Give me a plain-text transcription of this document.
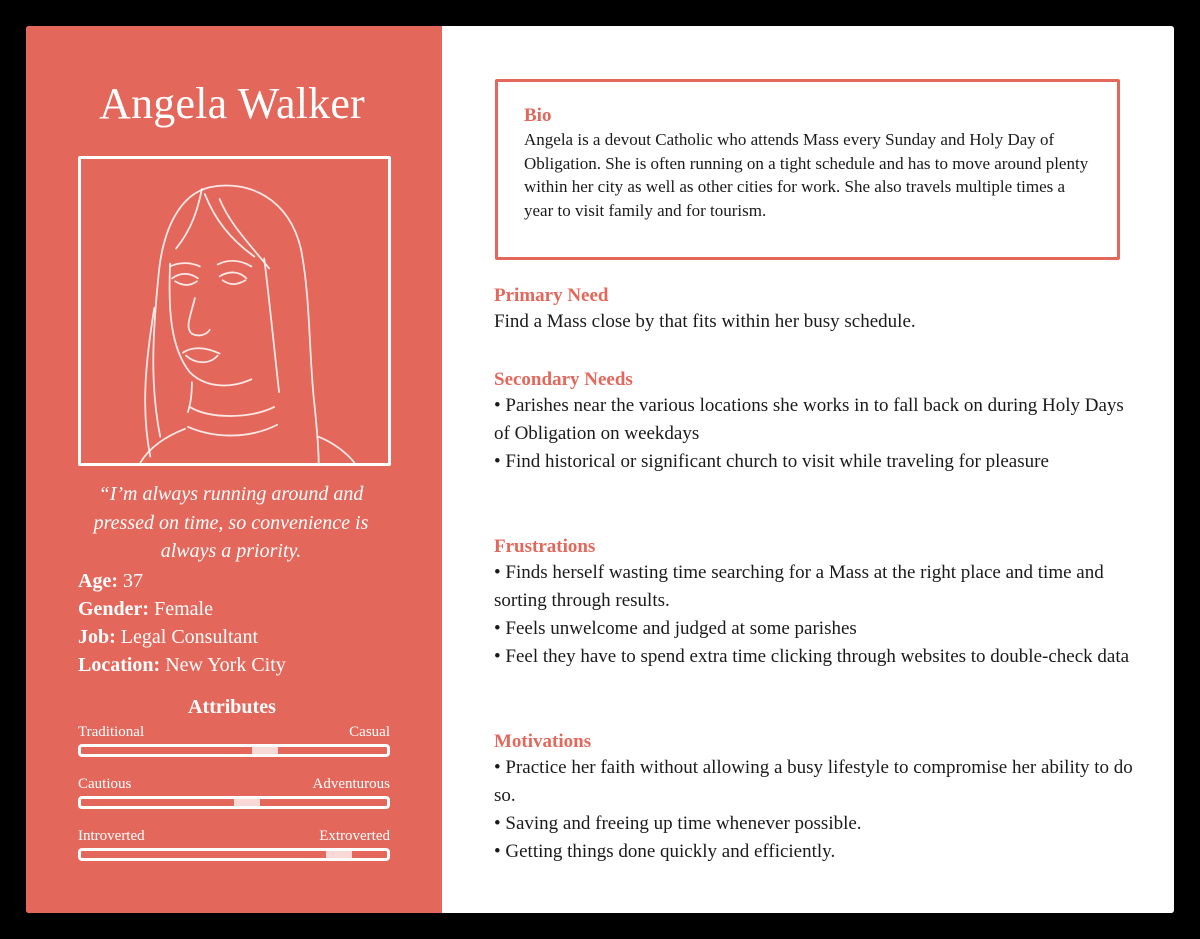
Angela Walker

“I’m always running around and pressed on time, so convenience is always a priority.

Age: 37
Gender: Female
Job: Legal Consultant
Location: New York City
Attributes
Traditional	Casual
Cautious	Adventurous
Introverted	Extroverted
Bio

Angela is a devout Catholic who attends Mass every Sunday and Holy Day of Obligation. She is often running on a tight schedule and has to move around plenty within her city as well as other cities for work. She also travels multiple times a year to visit family and for tourism.

Primary Need

Find a Mass close by that fits within her busy schedule.

Secondary Needs
• Parishes near the various locations she works in to fall back on during Holy Days of Obligation on weekdays
• Find historical or significant church to visit while traveling for pleasure
Frustrations
• Finds herself wasting time searching for a Mass at the right place and time and sorting through results.
• Feels unwelcome and judged at some parishes
• Feel they have to spend extra time clicking through websites to double-check data
Motivations
• Practice her faith without allowing a busy lifestyle to compromise her ability to do so.
• Saving and freeing up time whenever possible.
• Getting things done quickly and efficiently.
